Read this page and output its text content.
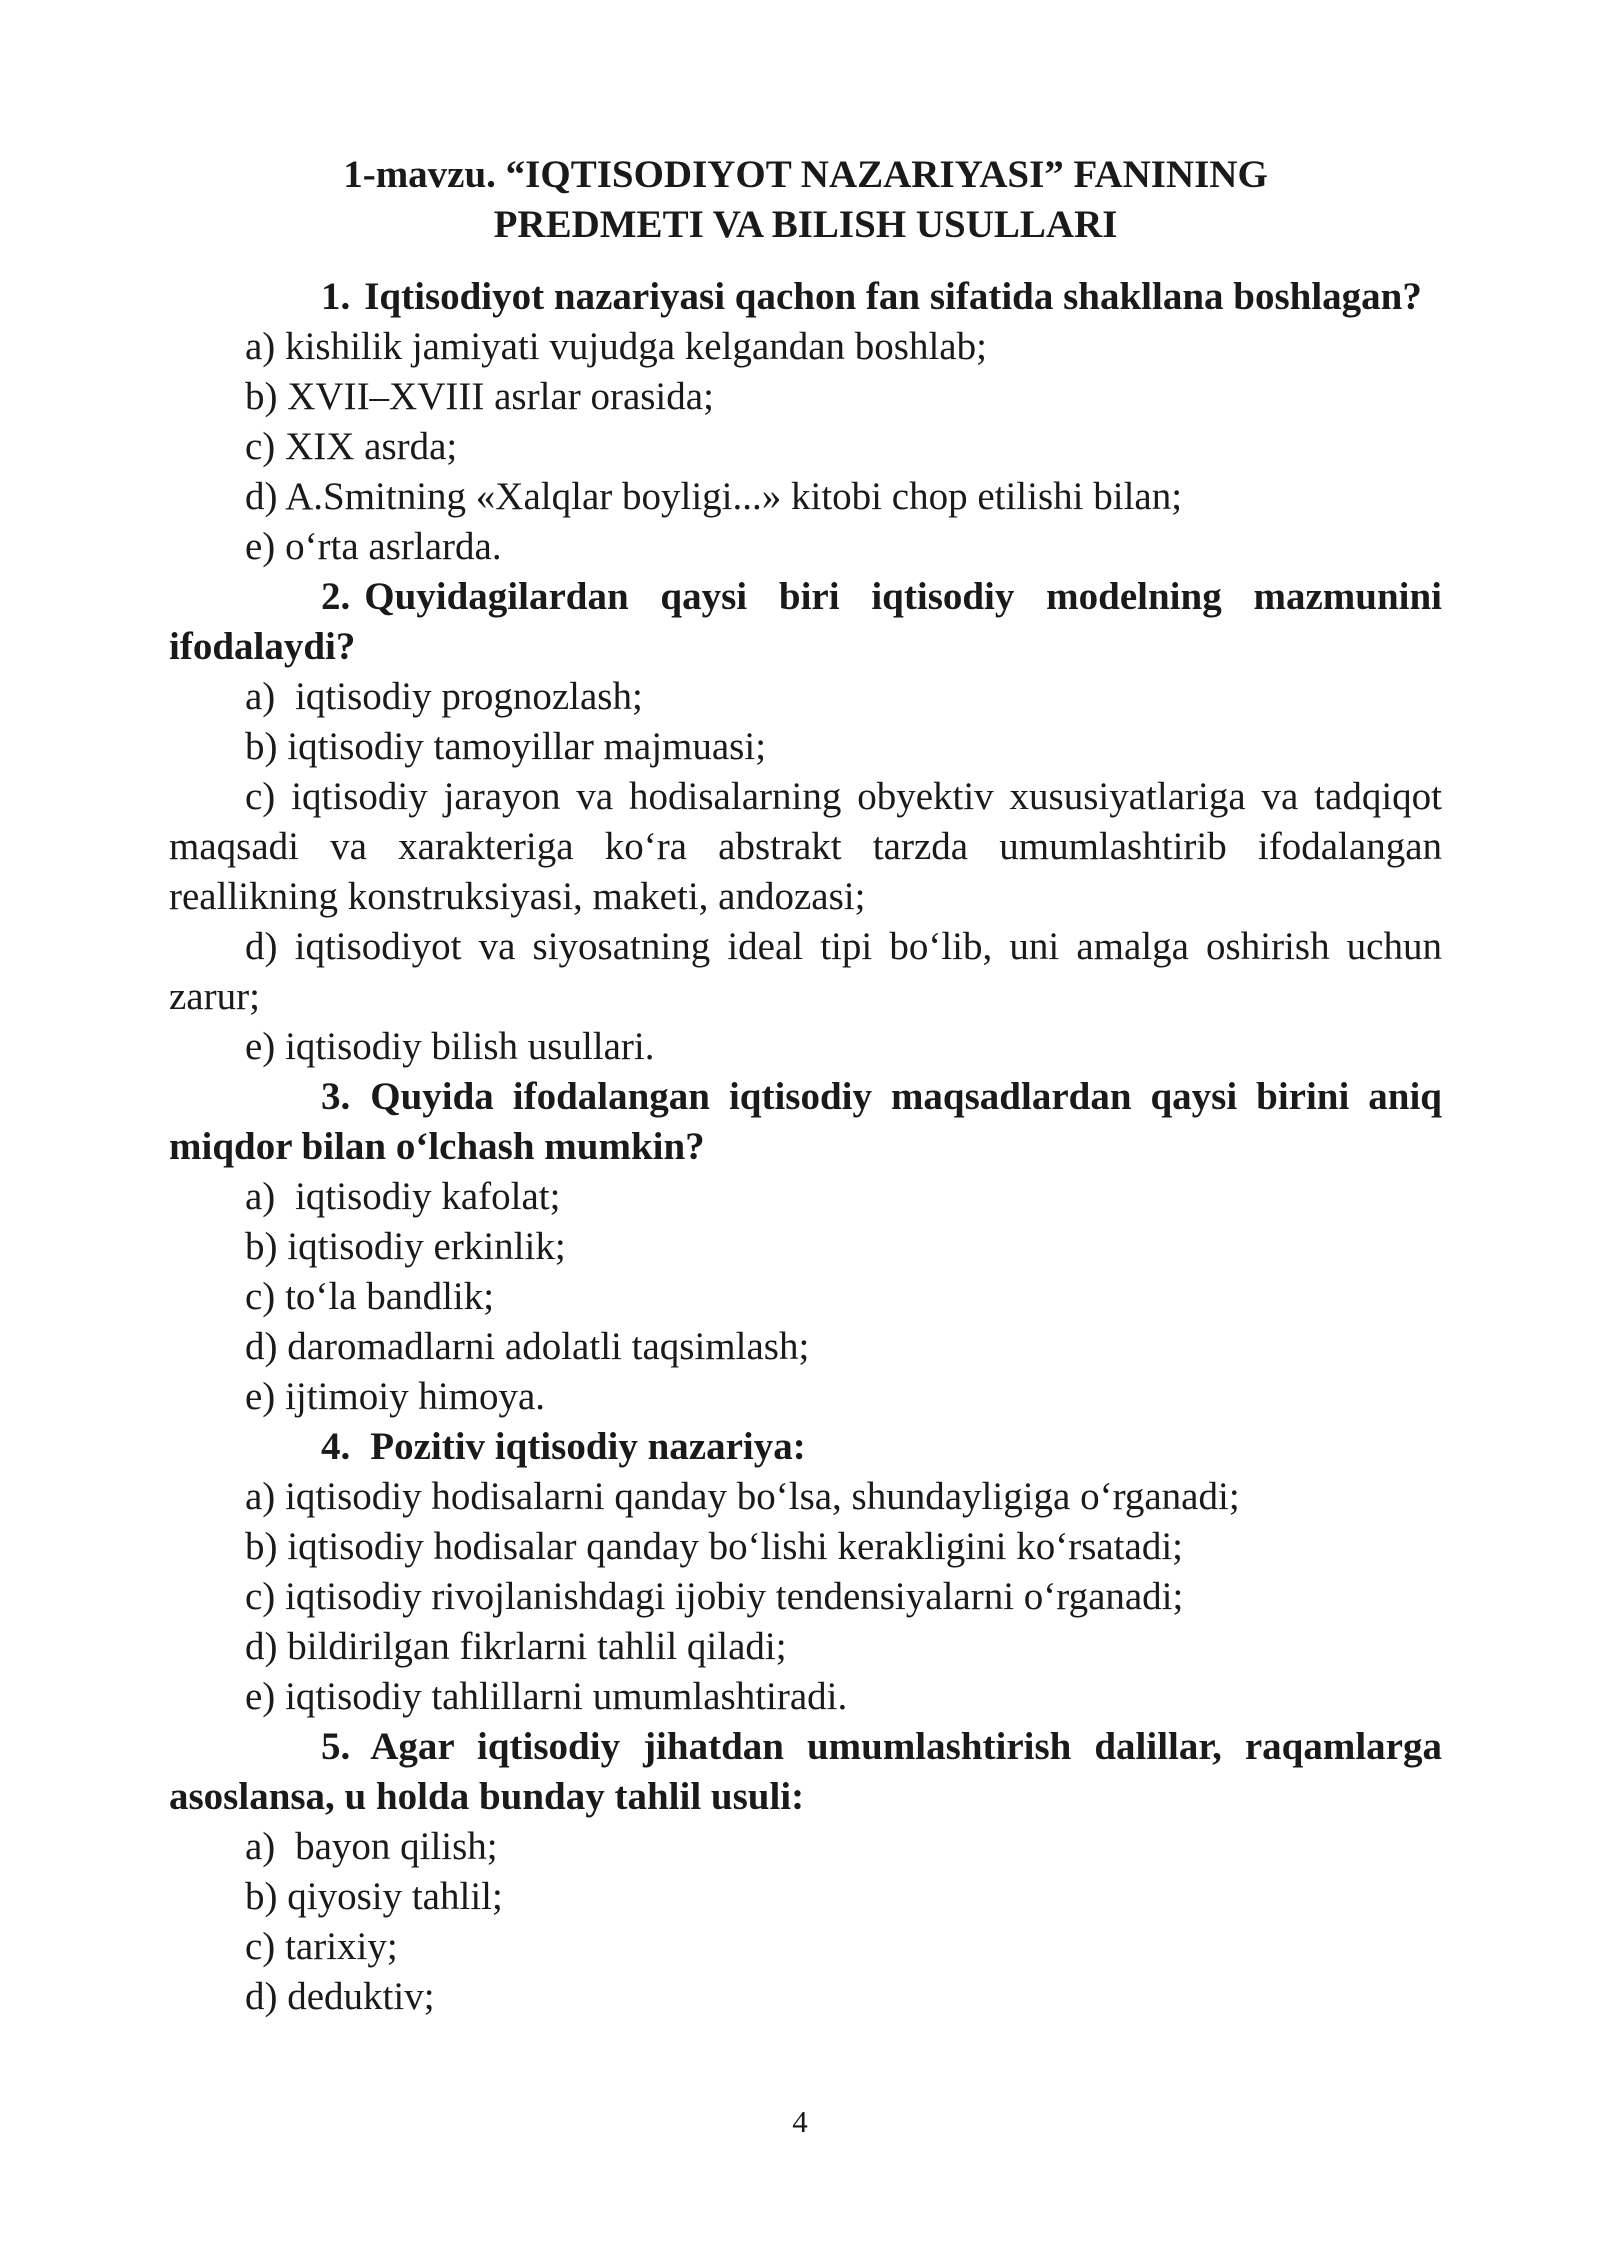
1-mavzu. “IQTISODIYOT NAZARIYASI” FANINING
PREDMETI VA BILISH USULLARI

1. Iqtisodiyot nazariyasi qachon fan sifatida shakllana boshlagan?

a) kishilik jamiyati vujudga kelgandan boshlab;

b) XVII–XVIII asrlar orasida;

c) XIX asrda;

d) A.Smitning «Xalqlar boyligi...» kitobi chop etilishi bilan;

e) o‘rta asrlarda.

2. Quyidagilardan qaysi biri iqtisodiy modelning mazmunini ifodalaydi?

a) iqtisodiy prognozlash;

b) iqtisodiy tamoyillar majmuasi;

c) iqtisodiy jarayon va hodisalarning obyektiv xususiyatlariga va tadqiqot maqsadi va xarakteriga ko‘ra abstrakt tarzda umumlashtirib ifodalangan reallikning konstruksiyasi, maketi, andozasi;

d) iqtisodiyot va siyosatning ideal tipi bo‘lib, uni amalga oshirish uchun zarur;

e) iqtisodiy bilish usullari.

3. Quyida ifodalangan iqtisodiy maqsadlardan qaysi birini aniq miqdor bilan o‘lchash mumkin?

a) iqtisodiy kafolat;

b) iqtisodiy erkinlik;

c) to‘la bandlik;

d) daromadlarni adolatli taqsimlash;

e) ijtimoiy himoya.

4. Pozitiv iqtisodiy nazariya:

a) iqtisodiy hodisalarni qanday bo‘lsa, shundayligiga o‘rganadi;

b) iqtisodiy hodisalar qanday bo‘lishi kerakligini ko‘rsatadi;

c) iqtisodiy rivojlanishdagi ijobiy tendensiyalarni o‘rganadi;

d) bildirilgan fikrlarni tahlil qiladi;

e) iqtisodiy tahlillarni umumlashtiradi.

5. Agar iqtisodiy jihatdan umumlashtirish dalillar, raqamlarga asoslansa, u holda bunday tahlil usuli:

a) bayon qilish;

b) qiyosiy tahlil;

c) tarixiy;

d) deduktiv;

4
